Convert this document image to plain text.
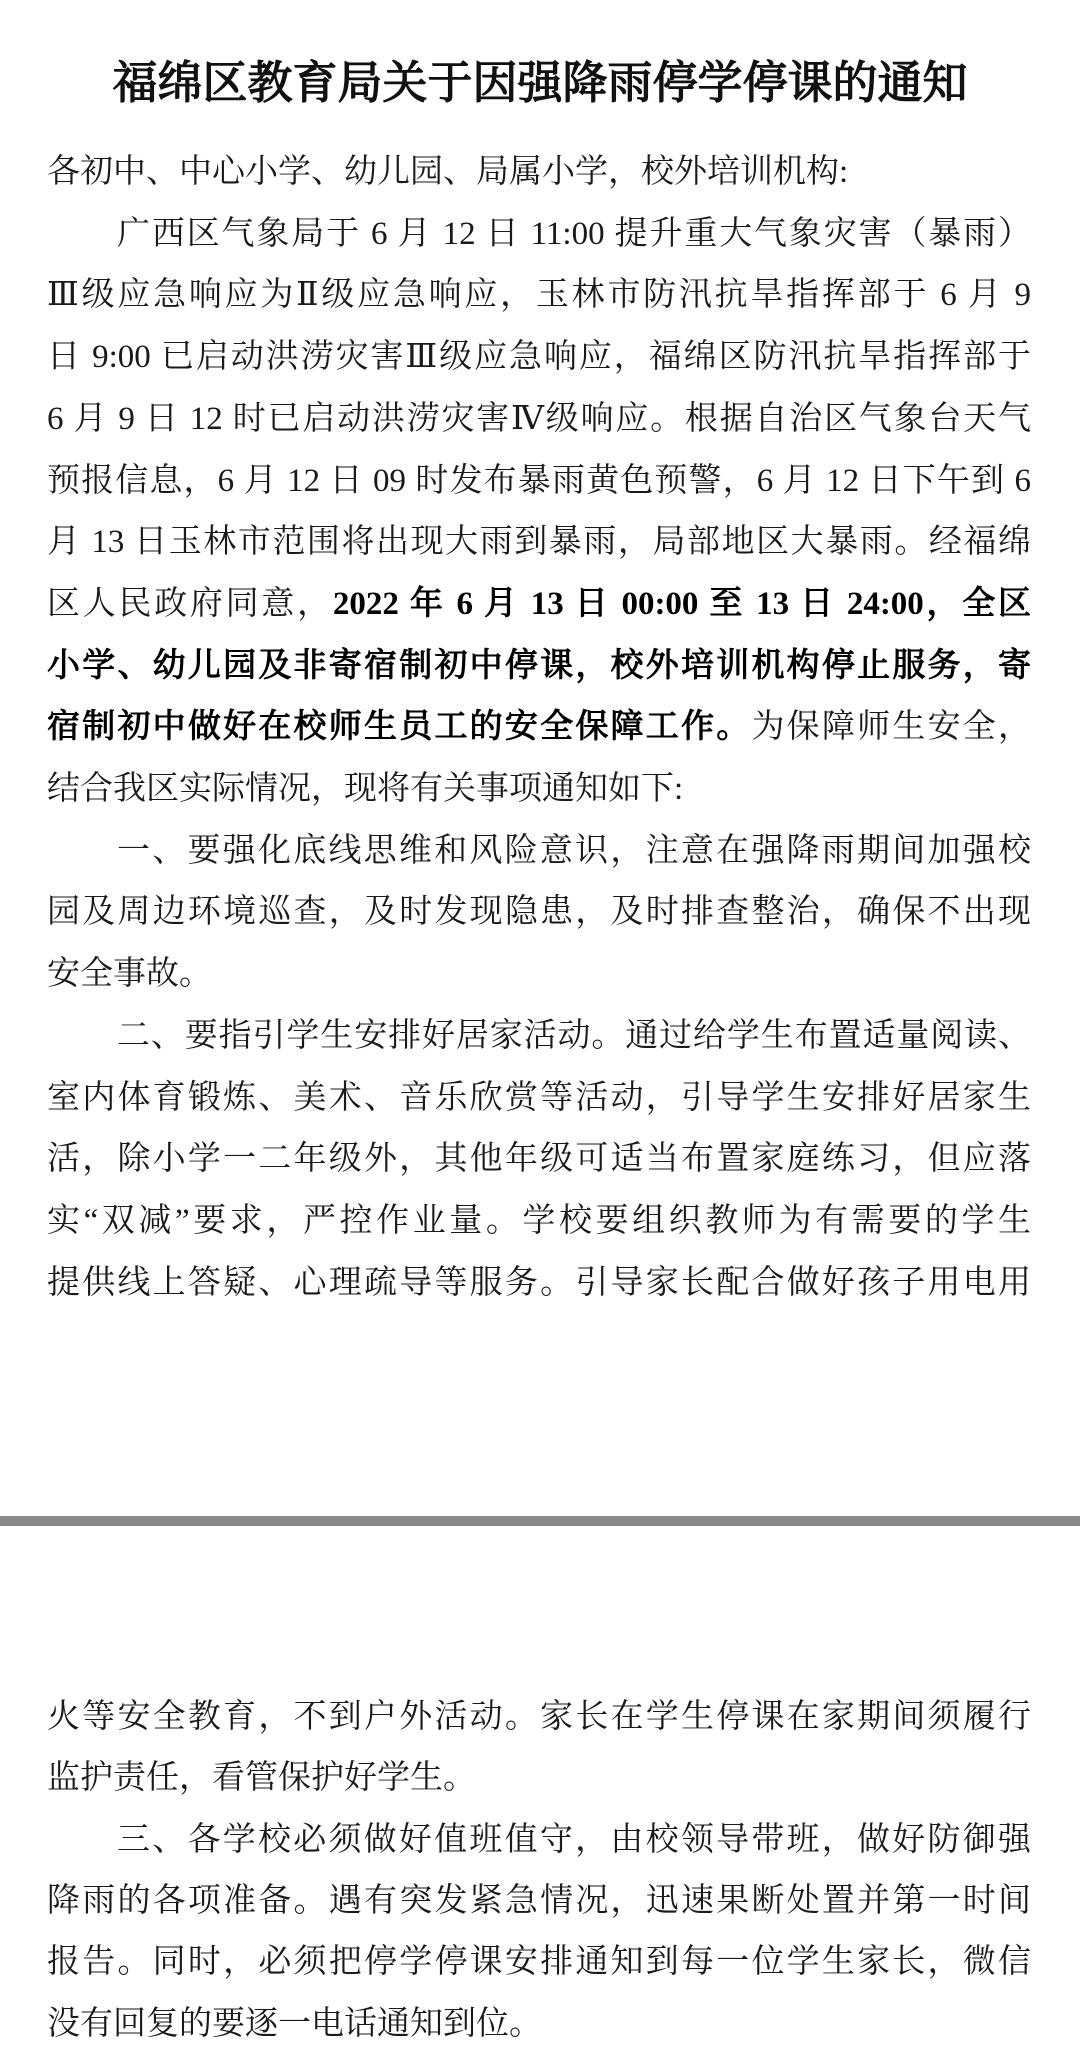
福绵区教育局关于因强降雨停学停课的通知
各初中、中心小学、幼儿园、局属小学，校外培训机构:
广西区气象局于 6 月 12 日 11:00 提升重大气象灾害（暴雨）
Ⅲ级应急响应为Ⅱ级应急响应，玉林市防汛抗旱指挥部于 6 月 9
日 9:00 已启动洪涝灾害Ⅲ级应急响应，福绵区防汛抗旱指挥部于
6 月 9 日 12 时已启动洪涝灾害Ⅳ级响应。根据自治区气象台天气
预报信息，6 月 12 日 09 时发布暴雨黄色预警，6 月 12 日下午到 6
月 13 日玉林市范围将出现大雨到暴雨，局部地区大暴雨。经福绵
区人民政府同意，2022 年 6 月 13 日 00:00 至 13 日 24:00，全区
小学、幼儿园及非寄宿制初中停课，校外培训机构停止服务，寄
宿制初中做好在校师生员工的安全保障工作。为保障师生安全，
结合我区实际情况，现将有关事项通知如下:
一、要强化底线思维和风险意识，注意在强降雨期间加强校
园及周边环境巡查，及时发现隐患，及时排查整治，确保不出现
安全事故。
二、要指引学生安排好居家活动。通过给学生布置适量阅读、
室内体育锻炼、美术、音乐欣赏等活动，引导学生安排好居家生
活，除小学一二年级外，其他年级可适当布置家庭练习，但应落
实“双减”要求，严控作业量。学校要组织教师为有需要的学生
提供线上答疑、心理疏导等服务。引导家长配合做好孩子用电用
火等安全教育，不到户外活动。家长在学生停课在家期间须履行
监护责任，看管保护好学生。
三、各学校必须做好值班值守，由校领导带班，做好防御强
降雨的各项准备。遇有突发紧急情况，迅速果断处置并第一时间
报告。同时，必须把停学停课安排通知到每一位学生家长，微信
没有回复的要逐一电话通知到位。
